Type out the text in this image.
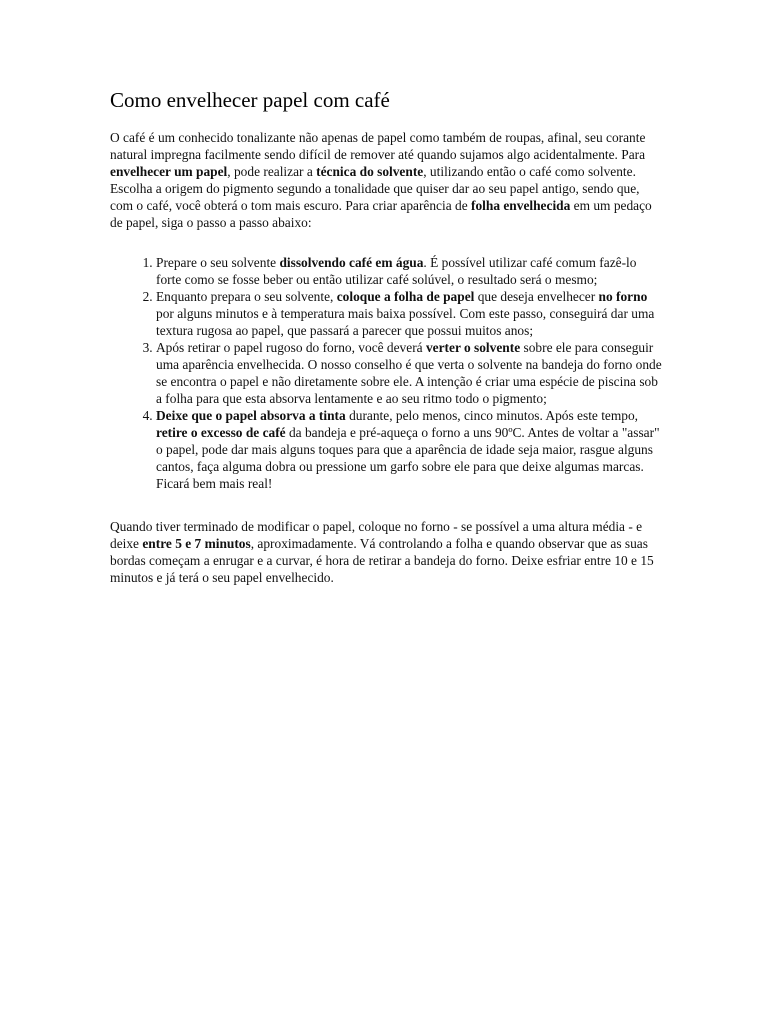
Como envelhecer papel com café

O café é um conhecido tonalizante não apenas de papel como também de roupas, afinal, seu corante natural impregna facilmente sendo difícil de remover até quando sujamos algo acidentalmente. Para envelhecer um papel, pode realizar a técnica do solvente, utilizando então o café como solvente. Escolha a origem do pigmento segundo a tonalidade que quiser dar ao seu papel antigo, sendo que, com o café, você obterá o tom mais escuro. Para criar aparência de folha envelhecida em um pedaço de papel, siga o passo a passo abaixo:

1. Prepare o seu solvente dissolvendo café em água. É possível utilizar café comum fazê-lo forte como se fosse beber ou então utilizar café solúvel, o resultado será o mesmo;
2. Enquanto prepara o seu solvente, coloque a folha de papel que deseja envelhecer no forno por alguns minutos e à temperatura mais baixa possível. Com este passo, conseguirá dar uma textura rugosa ao papel, que passará a parecer que possui muitos anos;
3. Após retirar o papel rugoso do forno, você deverá verter o solvente sobre ele para conseguir uma aparência envelhecida. O nosso conselho é que verta o solvente na bandeja do forno onde se encontra o papel e não diretamente sobre ele. A intenção é criar uma espécie de piscina sob a folha para que esta absorva lentamente e ao seu ritmo todo o pigmento;
4. Deixe que o papel absorva a tinta durante, pelo menos, cinco minutos. Após este tempo, retire o excesso de café da bandeja e pré-aqueça o forno a uns 90ºC. Antes de voltar a "assar" o papel, pode dar mais alguns toques para que a aparência de idade seja maior, rasgue alguns cantos, faça alguma dobra ou pressione um garfo sobre ele para que deixe algumas marcas. Ficará bem mais real!

Quando tiver terminado de modificar o papel, coloque no forno - se possível a uma altura média - e deixe entre 5 e 7 minutos, aproximadamente. Vá controlando a folha e quando observar que as suas bordas começam a enrugar e a curvar, é hora de retirar a bandeja do forno. Deixe esfriar entre 10 e 15 minutos e já terá o seu papel envelhecido.
